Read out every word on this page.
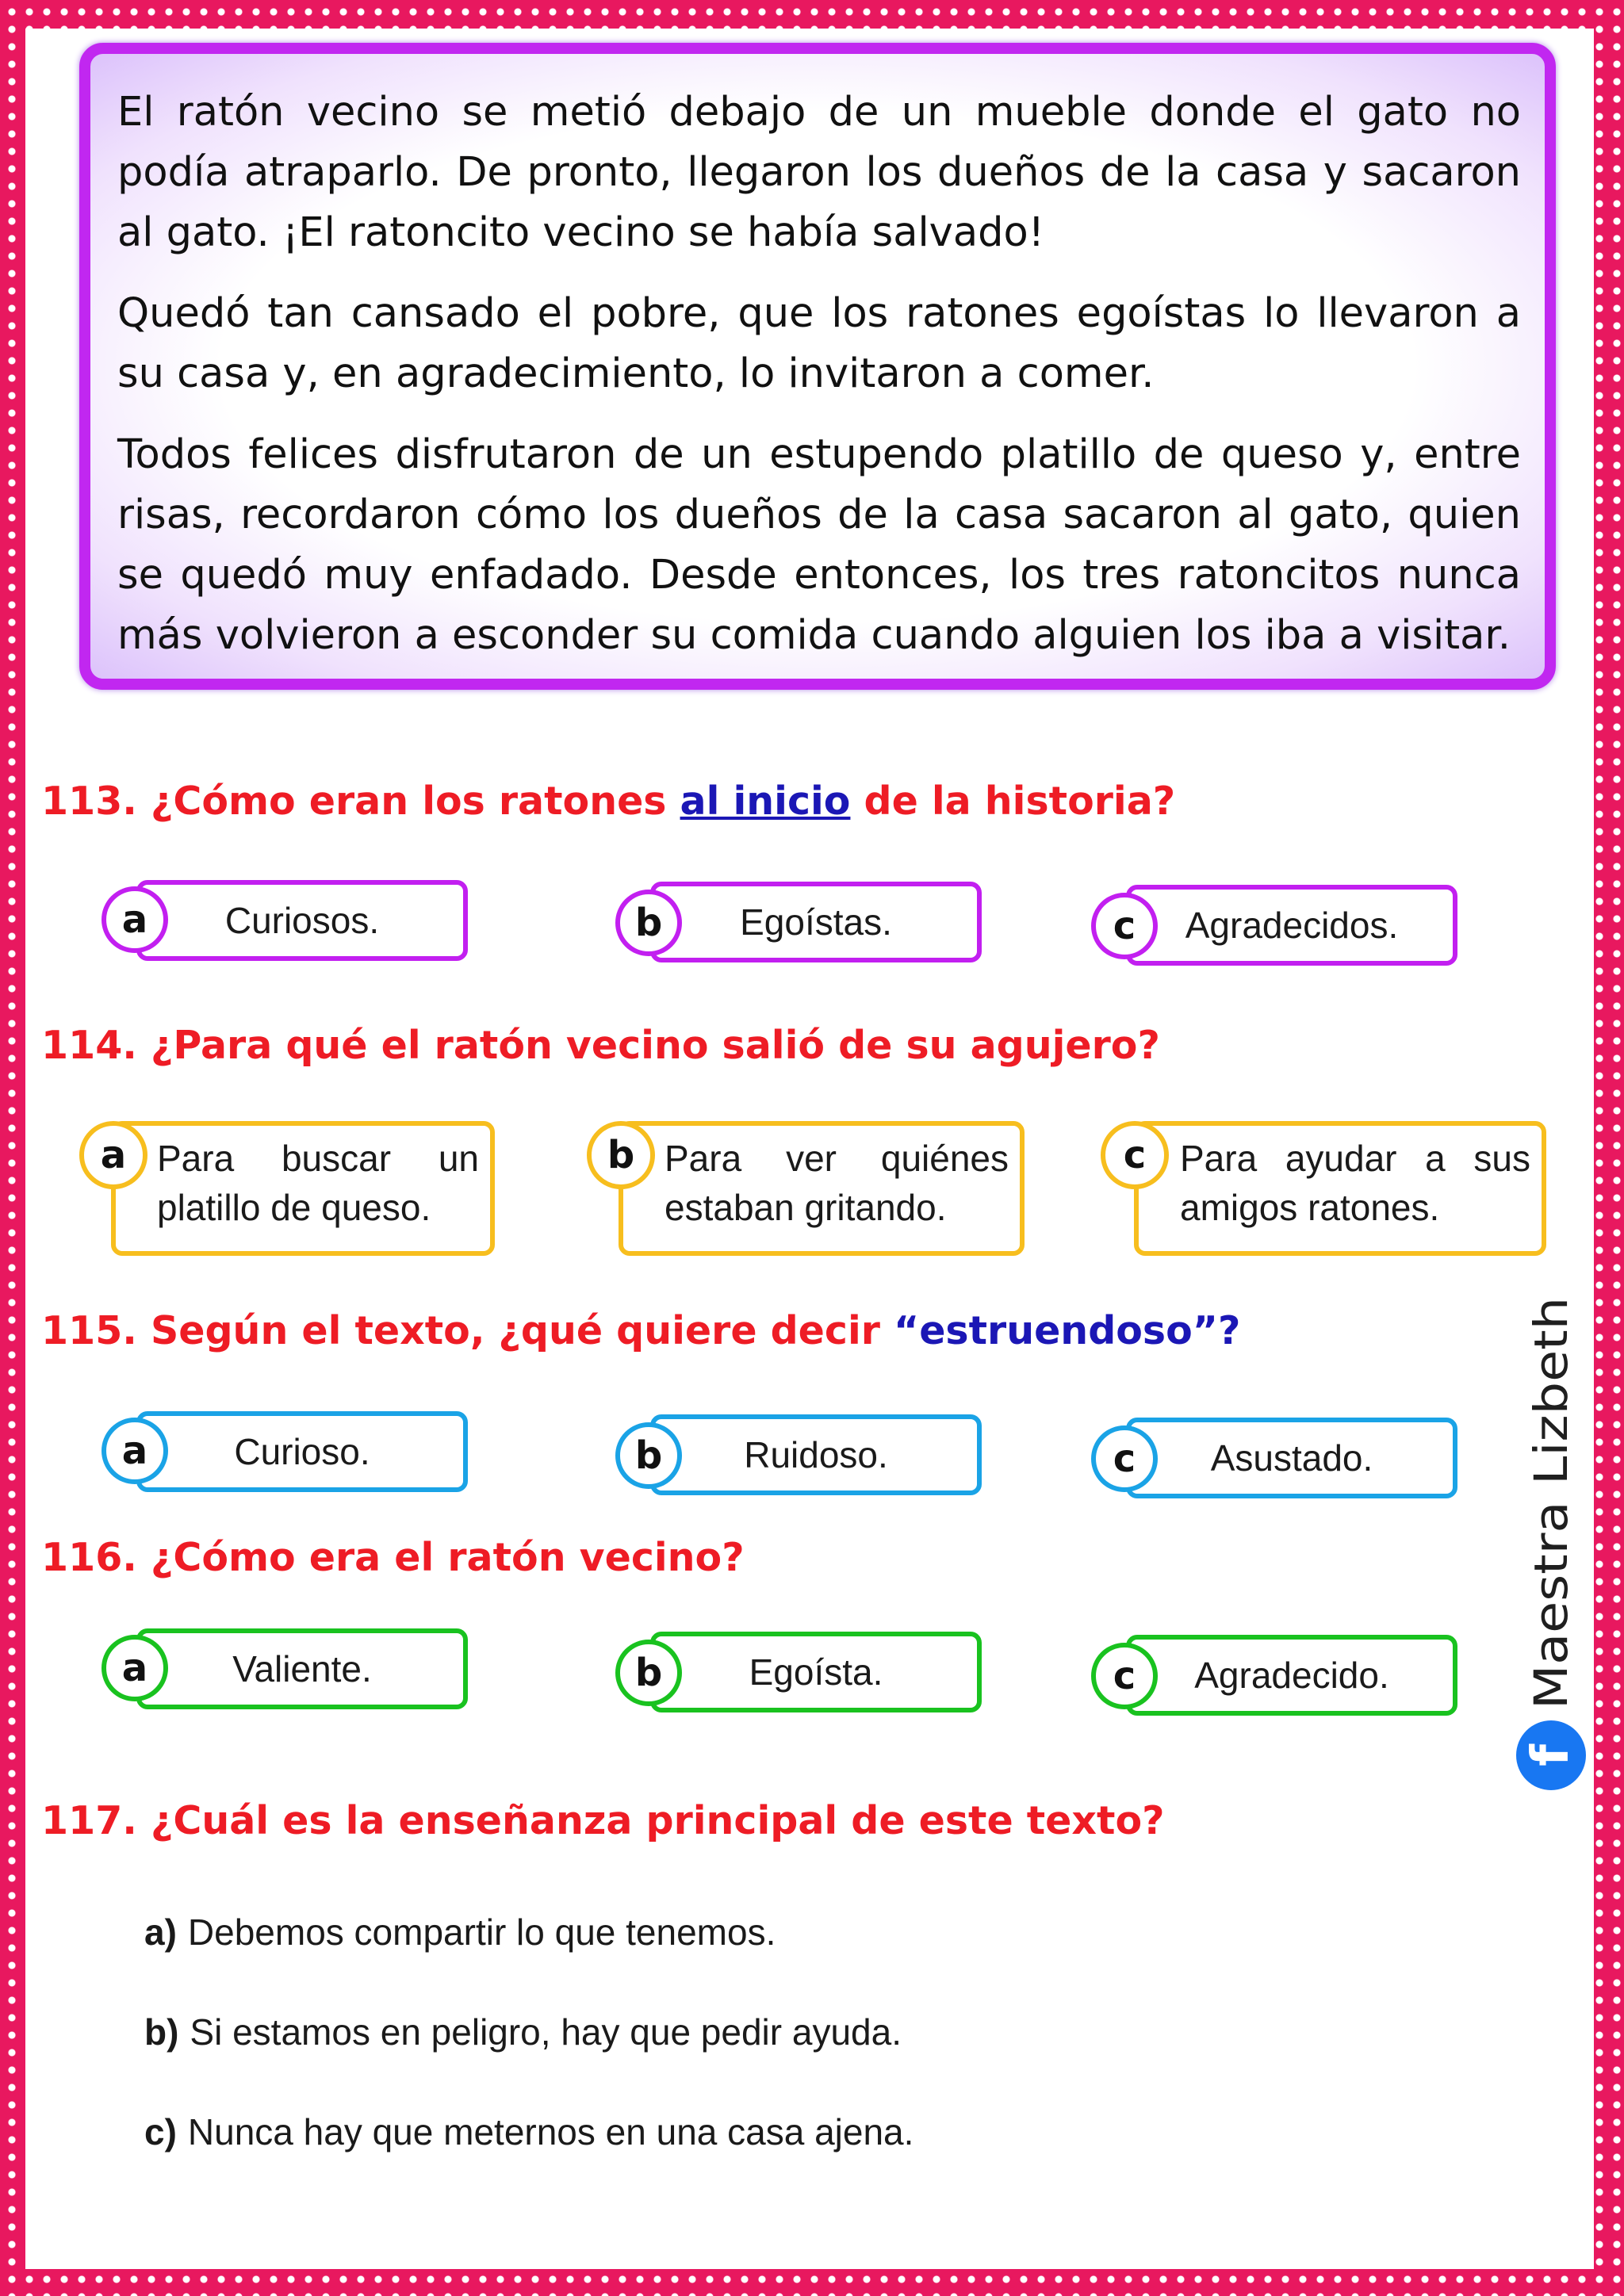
El ratón vecino se metió debajo de un mueble donde el gato no podía atraparlo. De pronto, llegaron los dueños de la casa y sacaron al gato. ¡El ratoncito vecino se había salvado!

Quedó tan cansado el pobre, que los ratones egoístas lo llevaron a su casa y, en agradecimiento, lo invitaron a comer.

Todos felices disfrutaron de un estupendo platillo de queso y, entre risas, recordaron cómo los dueños de la casa sacaron al gato, quien se quedó muy enfadado. Desde entonces, los tres ratoncitos nunca más volvieron a esconder su comida cuando alguien los iba a visitar.

113. ¿Cómo eran los ratones al inicio de la historia?

Curiosos.
a	Egoístas.
b	Agradecidos.
c

114. ¿Para qué el ratón vecino salió de su agujero?

Para buscar un platillo de queso.
a	Para ver quiénes estaban gritando.
b	Para ayudar a sus amigos ratones.
c

115. Según el texto, ¿qué quiere decir “estruendoso”?

Curioso.
a	Ruidoso.
b	Asustado.
c

116. ¿Cómo era el ratón vecino?

Valiente.
a	Egoísta.
b	Agradecido.
c

117. ¿Cuál es la enseñanza principal de este texto?

a) Debemos compartir lo que tenemos.
b) Si estamos en peligro, hay que pedir ayuda.
c) Nunca hay que meternos en una casa ajena.
f
Maestra Lizbeth
